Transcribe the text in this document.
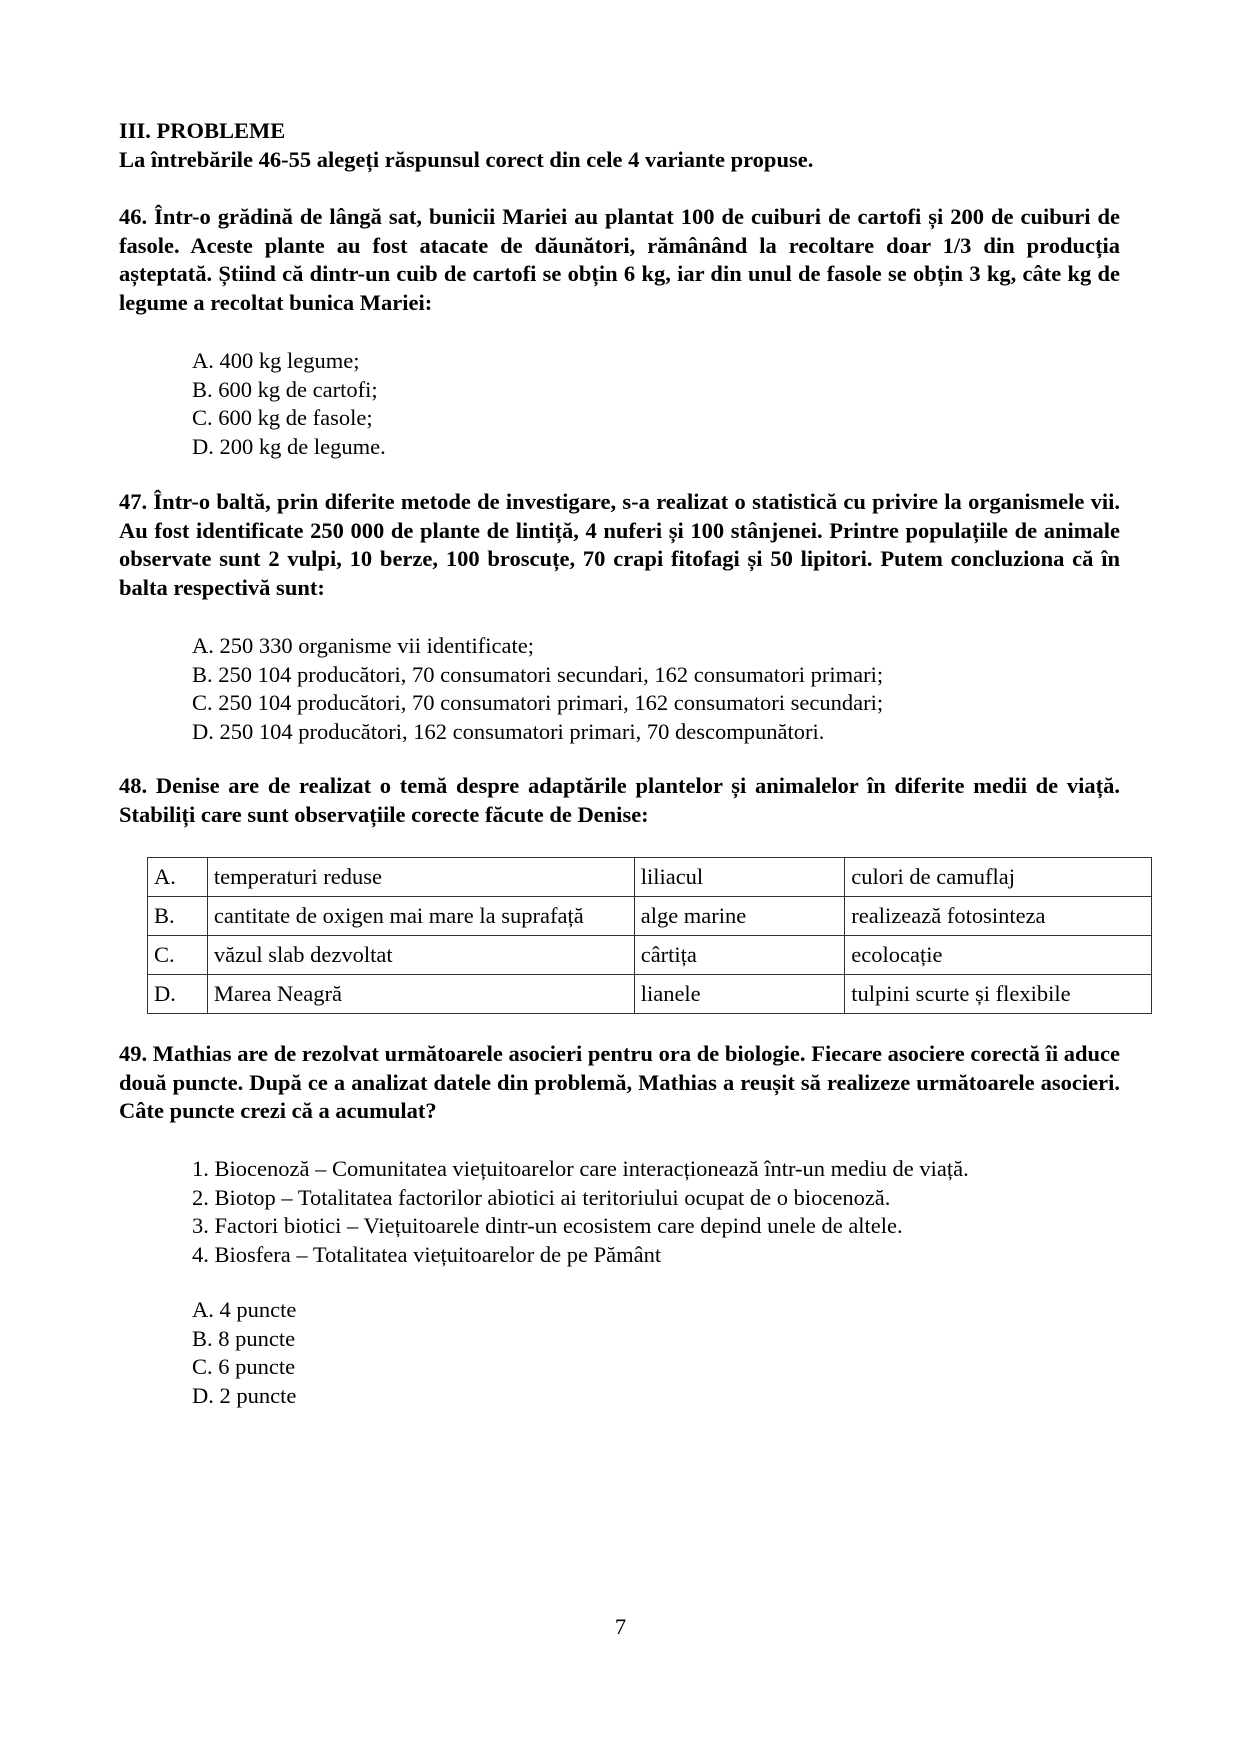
III. PROBLEME
La întrebările 46-55 alegeți răspunsul corect din cele 4 variante propuse.
46. Într-o grădină de lângă sat, bunicii Mariei au plantat 100 de cuiburi de cartofi și 200 de cuiburi de fasole. Aceste plante au fost atacate de dăunători, rămânând la recoltare doar 1/3 din producția așteptată. Știind că dintr-un cuib de cartofi se obțin 6 kg, iar din unul de fasole se obțin 3 kg, câte kg de legume a recoltat bunica Mariei:
A. 400 kg legume;
B. 600 kg de cartofi;
C. 600 kg de fasole;
D. 200 kg de legume.
47. Într-o baltă, prin diferite metode de investigare, s-a realizat o statistică cu privire la organismele vii. Au fost identificate 250 000 de plante de lintiță, 4 nuferi și 100 stânjenei. Printre populațiile de animale observate sunt 2 vulpi, 10 berze, 100 broscuțe, 70 crapi fitofagi și 50 lipitori. Putem concluziona că în balta respectivă sunt:
A. 250 330 organisme vii identificate;
B. 250 104 producători, 70 consumatori secundari, 162 consumatori primari;
C. 250 104 producători, 70 consumatori primari, 162 consumatori secundari;
D. 250 104 producători, 162 consumatori primari, 70 descompunători.
48. Denise are de realizat o temă despre adaptările plantelor și animalelor în diferite medii de viață. Stabiliți care sunt observațiile corecte făcute de Denise:
A.	temperaturi reduse	liliacul	culori de camuflaj
B.	cantitate de oxigen mai mare la suprafață	alge marine	realizează fotosinteza
C.	văzul slab dezvoltat	cârtița	ecolocație
D.	Marea Neagră	lianele	tulpini scurte și flexibile
49. Mathias are de rezolvat următoarele asocieri pentru ora de biologie. Fiecare asociere corectă îi aduce două puncte. După ce a analizat datele din problemă, Mathias a reușit să realizeze următoarele asocieri. Câte puncte crezi că a acumulat?
1. Biocenoză – Comunitatea viețuitoarelor care interacționează într-un mediu de viață.
2. Biotop – Totalitatea factorilor abiotici ai teritoriului ocupat de o biocenoză.
3. Factori biotici – Viețuitoarele dintr-un ecosistem care depind unele de altele.
4. Biosfera – Totalitatea viețuitoarelor de pe Pământ
A. 4 puncte
B. 8 puncte
C. 6 puncte
D. 2 puncte
7
